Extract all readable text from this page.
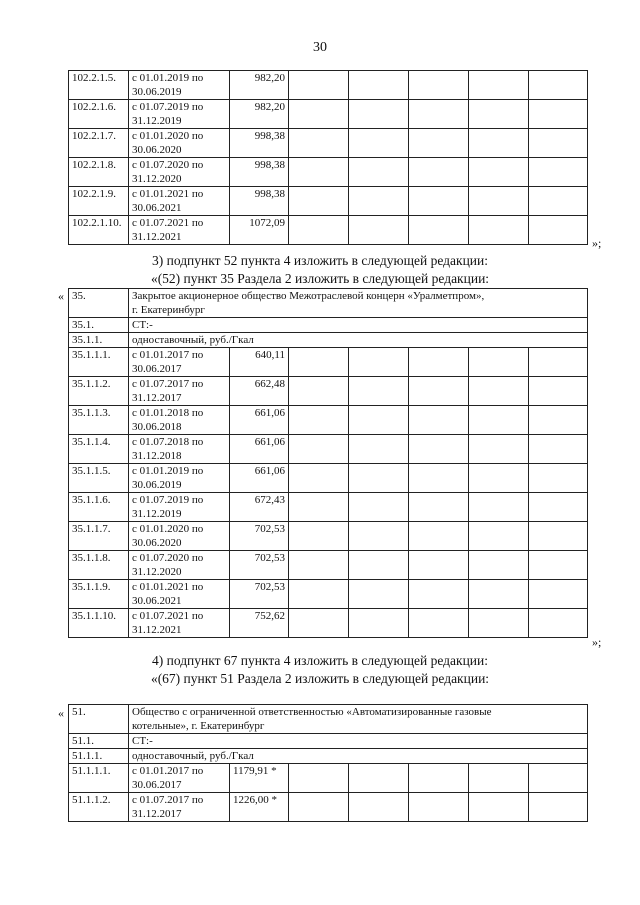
30
102.2.1.5.	с 01.01.2019 по
30.06.2019	982,20					
102.2.1.6.	с 01.07.2019 по
31.12.2019	982,20					
102.2.1.7.	с 01.01.2020 по
30.06.2020	998,38					
102.2.1.8.	с 01.07.2020 по
31.12.2020	998,38					
102.2.1.9.	с 01.01.2021 по
30.06.2021	998,38					
102.2.1.10.	с 01.07.2021 по
31.12.2021	1072,09					
»;
3) подпункт 52 пункта 4 изложить в следующей редакции:
«(52) пункт 35 Раздела 2 изложить в следующей редакции:
« 35.	Закрытое акционерное общество Межотраслевой концерн «Уралметпром»,
г. Екатеринбург						

35.1.	СТ:-						
35.1.1.	одноставочный, руб./Гкал						
35.1.1.1.	с 01.01.2017 по
30.06.2017	640,11					
35.1.1.2.	с 01.07.2017 по
31.12.2017	662,48					
35.1.1.3.	с 01.01.2018 по
30.06.2018	661,06					
35.1.1.4.	с 01.07.2018 по
31.12.2018	661,06					
35.1.1.5.	с 01.01.2019 по
30.06.2019	661,06					
35.1.1.6.	с 01.07.2019 по
31.12.2019	672,43					
35.1.1.7.	с 01.01.2020 по
30.06.2020	702,53					
35.1.1.8.	с 01.07.2020 по
31.12.2020	702,53					
35.1.1.9.	с 01.01.2021 по
30.06.2021	702,53					
35.1.1.10.	с 01.07.2021 по
31.12.2021	752,62					
»;
4) подпункт 67 пункта 4 изложить в следующей редакции:
«(67) пункт 51 Раздела 2 изложить в следующей редакции:
« 51.	Общество с ограниченной ответственностью «Автоматизированные газовые
котельные», г. Екатеринбург						

51.1.	СТ:-						
51.1.1.	одноставочный, руб./Гкал						
51.1.1.1.	с 01.01.2017 по
30.06.2017	1179,91 *					
51.1.1.2.	с 01.07.2017 по
31.12.2017	1226,00 *					
